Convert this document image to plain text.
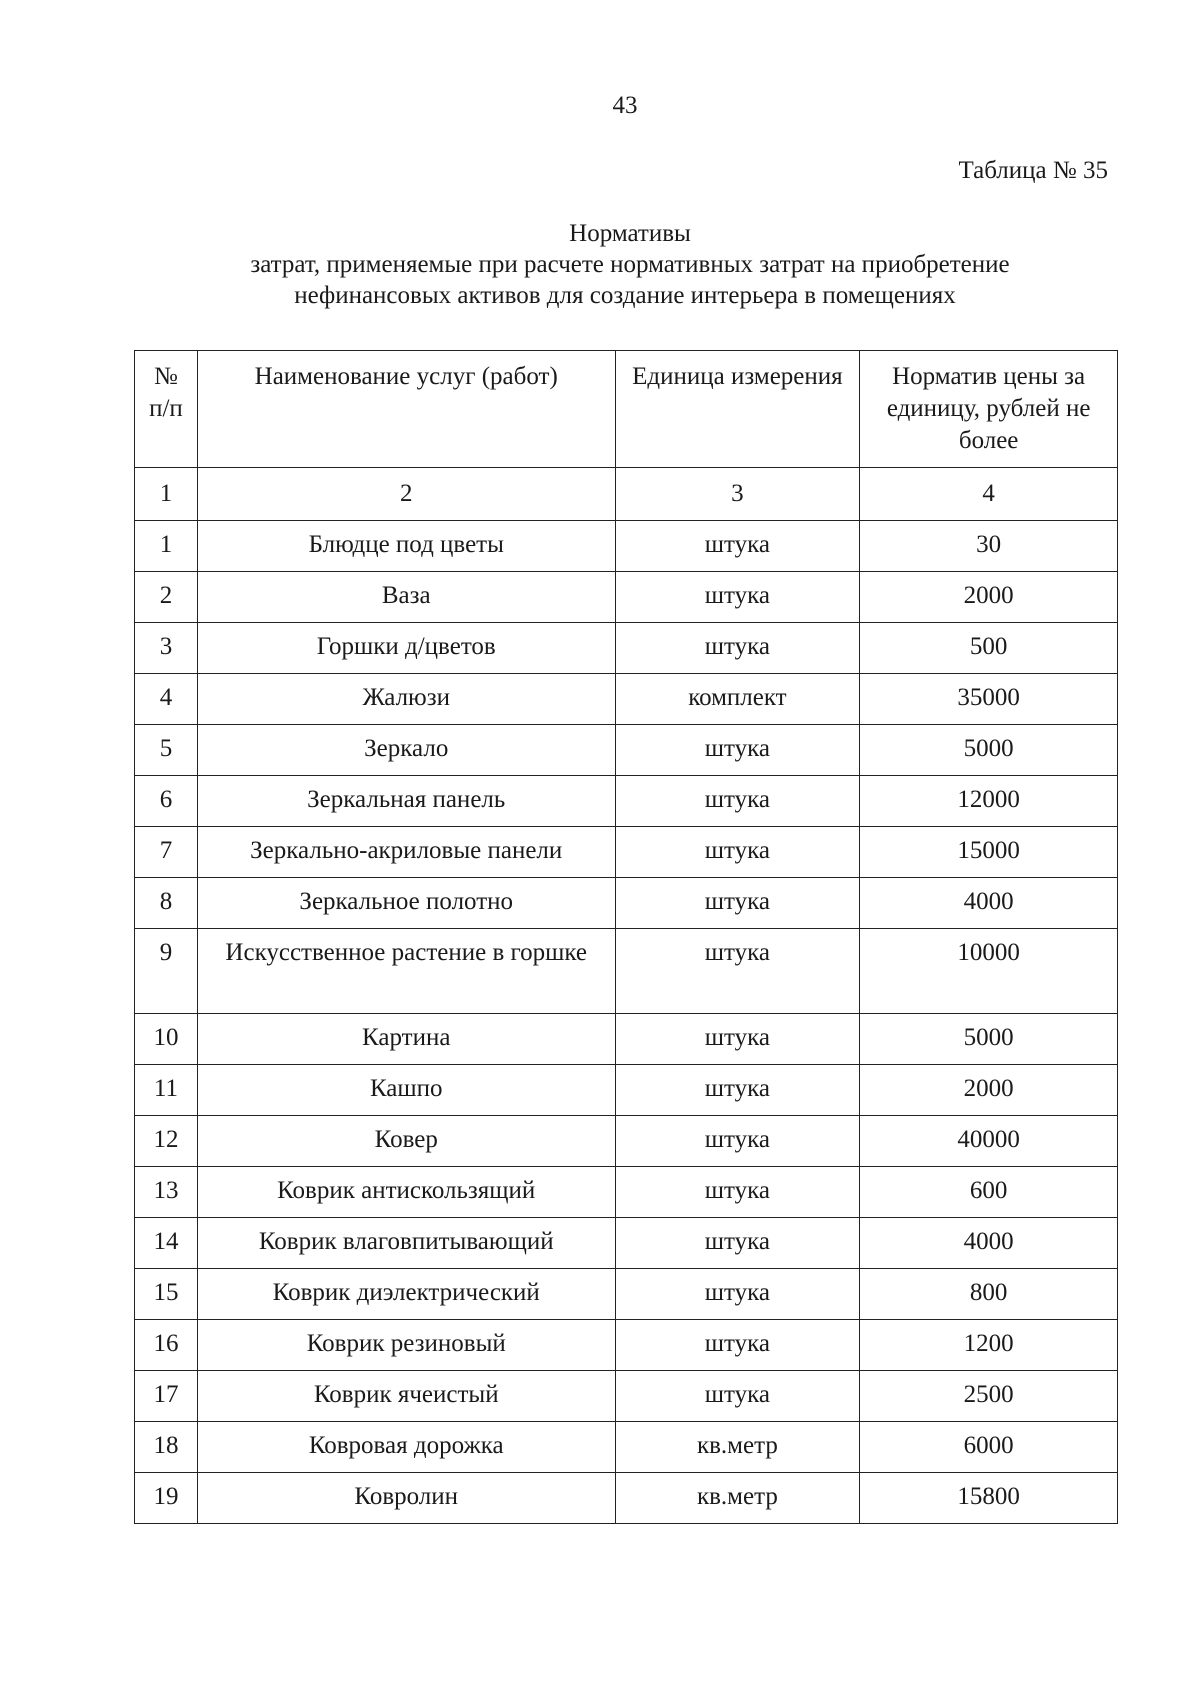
43
Таблица № 35
Нормативы
затрат, применяемые при расчете нормативных затрат на приобретение
нефинансовых активов для создание интерьера в помещениях
№ п/п	Наименование услуг (работ)	Единица измерения	Норматив цены за единицу, рублей не более
1	2	3	4
1	Блюдце под цветы	штука	30
2	Ваза	штука	2000
3	Горшки д/цветов	штука	500
4	Жалюзи	комплект	35000
5	Зеркало	штука	5000
6	Зеркальная панель	штука	12000
7	Зеркально-акриловые панели	штука	15000
8	Зеркальное полотно	штука	4000
9	Искусственное растение в горшке	штука	10000
10	Картина	штука	5000
11	Кашпо	штука	2000
12	Ковер	штука	40000
13	Коврик антискользящий	штука	600
14	Коврик влаговпитывающий	штука	4000
15	Коврик диэлектрический	штука	800
16	Коврик резиновый	штука	1200
17	Коврик ячеистый	штука	2500
18	Ковровая дорожка	кв.метр	6000
19	Ковролин	кв.метр	15800
